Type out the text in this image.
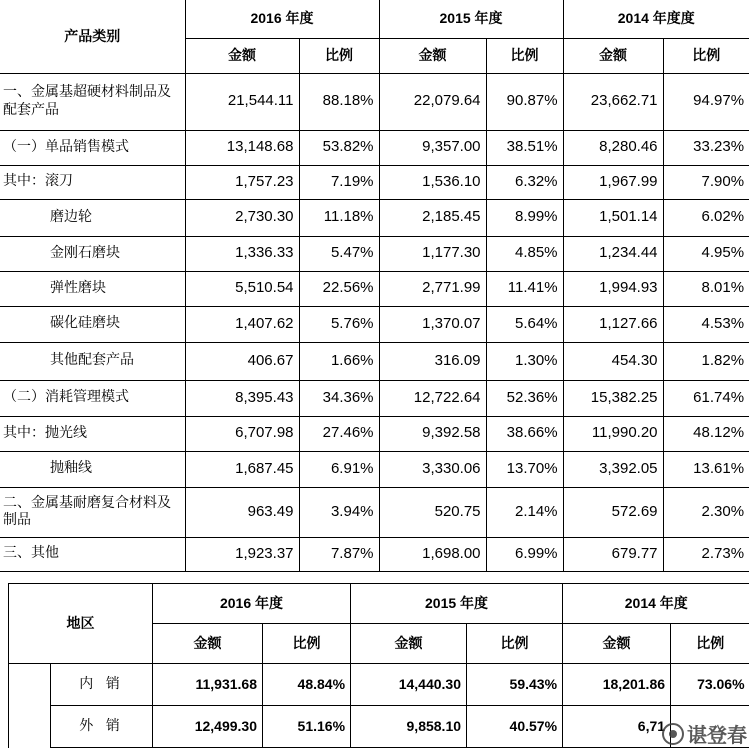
产品类别	2016 年度		2015 年度		2014 年度度	
	金额	比例	金额	比例	金额	比例
一、金属基超硬材料制品及配套产品	21,544.11	88.18%	22,079.64	90.87%	23,662.71	94.97%
（一）单品销售模式	13,148.68	53.82%	9,357.00	38.51%	8,280.46	33.23%
其中：滚刀	1,757.23	7.19%	1,536.10	6.32%	1,967.99	7.90%
磨边轮	2,730.30	11.18%	2,185.45	8.99%	1,501.14	6.02%
金刚石磨块	1,336.33	5.47%	1,177.30	4.85%	1,234.44	4.95%
弹性磨块	5,510.54	22.56%	2,771.99	11.41%	1,994.93	8.01%
碳化硅磨块	1,407.62	5.76%	1,370.07	5.64%	1,127.66	4.53%
其他配套产品	406.67	1.66%	316.09	1.30%	454.30	1.82%
（二）消耗管理模式	8,395.43	34.36%	12,722.64	52.36%	15,382.25	61.74%
其中：抛光线	6,707.98	27.46%	9,392.58	38.66%	11,990.20	48.12%
抛釉线	1,687.45	6.91%	3,330.06	13.70%	3,392.05	13.61%
二、金属基耐磨复合材料及制品	963.49	3.94%	520.75	2.14%	572.69	2.30%
三、其他	1,923.37	7.87%	1,698.00	6.99%	679.77	2.73%
地区		2016 年度		2015 年度		2014 年度	
		金额	比例	金额	比例	金额	比例
	内 销	11,931.68	48.84%	14,440.30	59.43%	18,201.86	73.06%
	外 销	12,499.30	51.16%	9,858.10	40.57%	6,71	谌登春
